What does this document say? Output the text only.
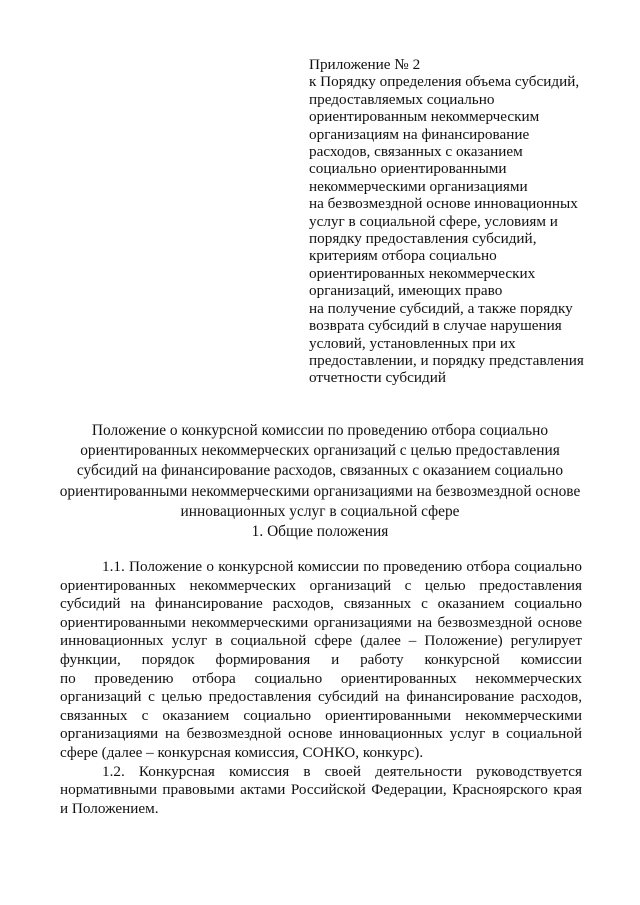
Приложение № 2
к Порядку определения объема субсидий,
предоставляемых социально
ориентированным некоммерческим
организациям на финансирование
расходов, связанных с оказанием
социально ориентированными
некоммерческими организациями
на безвозмездной основе инновационных
услуг в социальной сфере, условиям и
порядку предоставления субсидий,
критериям отбора социально
ориентированных некоммерческих
организаций, имеющих право
на получение субсидий, а также порядку
возврата субсидий в случае нарушения
условий, установленных при их
предоставлении, и порядку представления
отчетности субсидий
Положение о конкурсной комиссии по проведению отбора социально
ориентированных некоммерческих организаций с целью предоставления
субсидий на финансирование расходов, связанных с оказанием социально
ориентированными некоммерческими организациями на безвозмездной основе
инновационных услуг в социальной сфере
1. Общие положения
1.1. Положение о конкурсной комиссии по проведению отбора социально
ориентированных некоммерческих организаций с целью предоставления
субсидий на финансирование расходов, связанных с оказанием социально
ориентированными некоммерческими организациями на безвозмездной основе
инновационных услуг в социальной сфере (далее – Положение) регулирует
функции, порядок формирования и работу конкурсной комиссии
по проведению отбора социально ориентированных некоммерческих
организаций с целью предоставления субсидий на финансирование расходов,
связанных с оказанием социально ориентированными некоммерческими
организациями на безвозмездной основе инновационных услуг в социальной
сфере (далее – конкурсная комиссия, СОНКО, конкурс).
1.2. Конкурсная комиссия в своей деятельности руководствуется
нормативными правовыми актами Российской Федерации, Красноярского края
и Положением.
